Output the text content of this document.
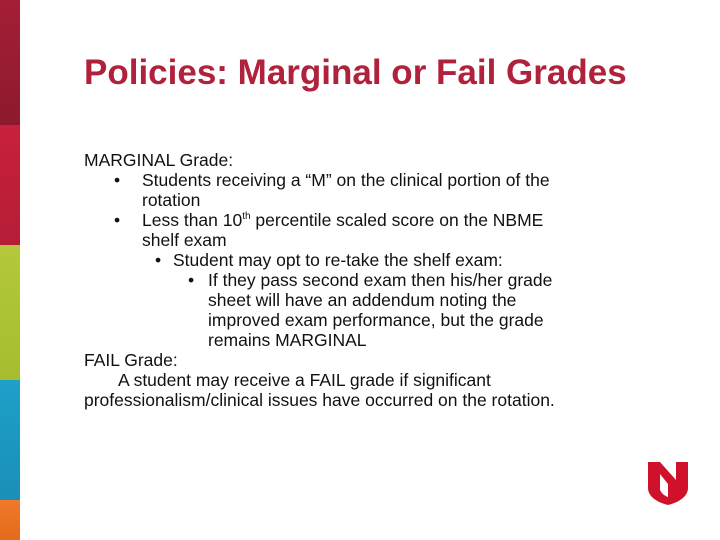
Policies: Marginal or Fail Grades
MARGINAL Grade:
• Students receiving a “M” on the clinical portion of the
rotation
• Less than 10th percentile scaled score on the NBME
shelf exam
• Student may opt to re-take the shelf exam:
• If they pass second exam then his/her grade
sheet will have an addendum noting the
improved exam performance, but the grade
remains MARGINAL
FAIL Grade:
A student may receive a FAIL grade if significant
professionalism/clinical issues have occurred on the rotation.
